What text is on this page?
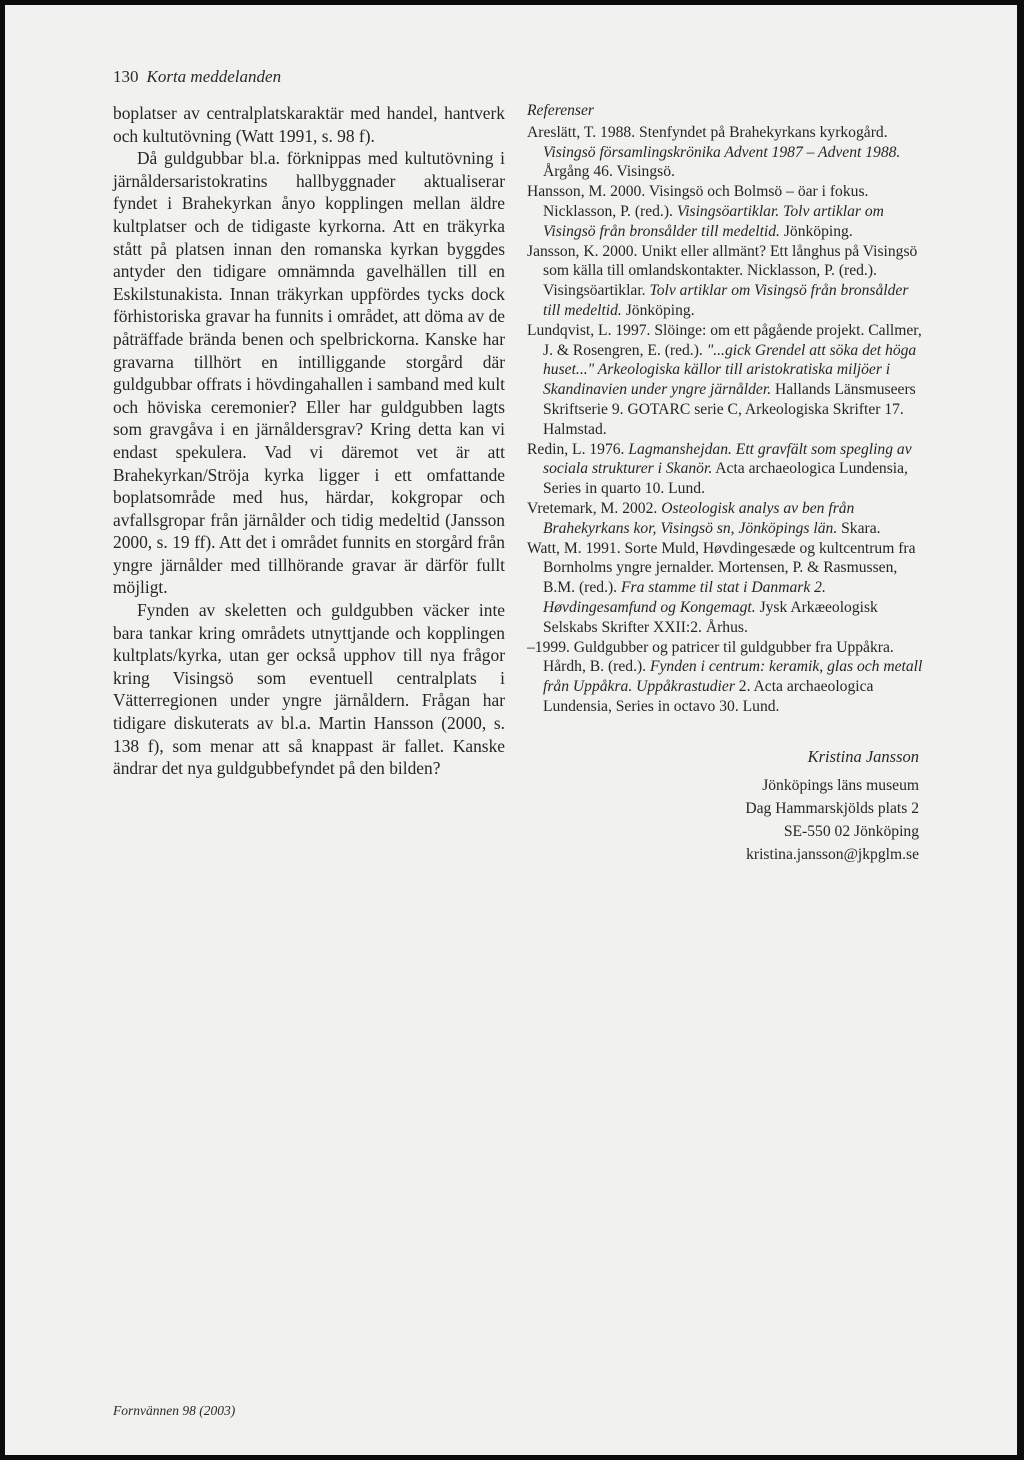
130 Korta meddelanden

boplatser av centralplatskaraktär med handel, hantverk och kultutövning (Watt 1991, s. 98 f).

Då guldgubbar bl.a. förknippas med kultutövning i järnåldersaristokratins hallbyggnader aktualiserar fyndet i Brahekyrkan ånyo kopplingen mellan äldre kultplatser och de tidigaste kyrkorna. Att en träkyrka stått på platsen innan den romanska kyrkan byggdes antyder den tidigare omnämnda gavelhällen till en Eskilstunakista. Innan träkyrkan uppfördes tycks dock förhistoriska gravar ha funnits i området, att döma av de påträffade brända benen och spelbrickorna. Kanske har gravarna tillhört en intilliggande storgård där guldgubbar offrats i hövdingahallen i samband med kult och höviska ceremonier? Eller har guldgubben lagts som gravgåva i en järnåldersgrav? Kring detta kan vi endast spekulera. Vad vi däremot vet är att Brahekyrkan/Ströja kyrka ligger i ett omfattande boplatsområde med hus, härdar, kokgropar och avfallsgropar från järnålder och tidig medeltid (Jansson 2000, s. 19 ff). Att det i området funnits en storgård från yngre järnålder med tillhörande gravar är därför fullt möjligt.

Fynden av skeletten och guldgubben väcker inte bara tankar kring områdets utnyttjande och kopplingen kultplats/kyrka, utan ger också upphov till nya frågor kring Visingsö som eventuell centralplats i Vätterregionen under yngre järnåldern. Frågan har tidigare diskuterats av bl.a. Martin Hansson (2000, s. 138 f), som menar att så knappast är fallet. Kanske ändrar det nya guldgubbefyndet på den bilden?

Referenser

Areslätt, T. 1988. Stenfyndet på Brahekyrkans kyrkogård. Visingsö församlingskrönika Advent 1987 – Advent 1988. Årgång 46. Visingsö.

Hansson, M. 2000. Visingsö och Bolmsö – öar i fokus. Nicklasson, P. (red.). Visingsöartiklar. Tolv artiklar om Visingsö från bronsålder till medeltid. Jönköping.

Jansson, K. 2000. Unikt eller allmänt? Ett långhus på Visingsö som källa till omlandskontakter. Nicklasson, P. (red.). Visingsöartiklar. Tolv artiklar om Visingsö från bronsålder till medeltid. Jönköping.

Lundqvist, L. 1997. Slöinge: om ett pågående projekt. Callmer, J. & Rosengren, E. (red.). "...gick Grendel att söka det höga huset..." Arkeologiska källor till aristokratiska miljöer i Skandinavien under yngre järnålder. Hallands Länsmuseers Skriftserie 9. GOTARC serie C, Arkeologiska Skrifter 17. Halmstad.

Redin, L. 1976. Lagmanshejdan. Ett gravfält som spegling av sociala strukturer i Skanör. Acta archaeologica Lundensia, Series in quarto 10. Lund.

Vretemark, M. 2002. Osteologisk analys av ben från Brahekyrkans kor, Visingsö sn, Jönköpings län. Skara.

Watt, M. 1991. Sorte Muld, Høvdingesæde og kultcentrum fra Bornholms yngre jernalder. Mortensen, P. & Rasmussen, B.M. (red.). Fra stamme til stat i Danmark 2. Høvdingesamfund og Kongemagt. Jysk Arkæeologisk Selskabs Skrifter XXII:2. Århus.

–1999. Guldgubber og patricer til guldgubber fra Uppåkra. Hårdh, B. (red.). Fynden i centrum: keramik, glas och metall från Uppåkra. Uppåkrastudier 2. Acta archaeologica Lundensia, Series in octavo 30. Lund.

Kristina Jansson
Jönköpings läns museum
Dag Hammarskjölds plats 2
SE-550 02 Jönköping
kristina.jansson@jkpglm.se
Fornvännen 98 (2003)
